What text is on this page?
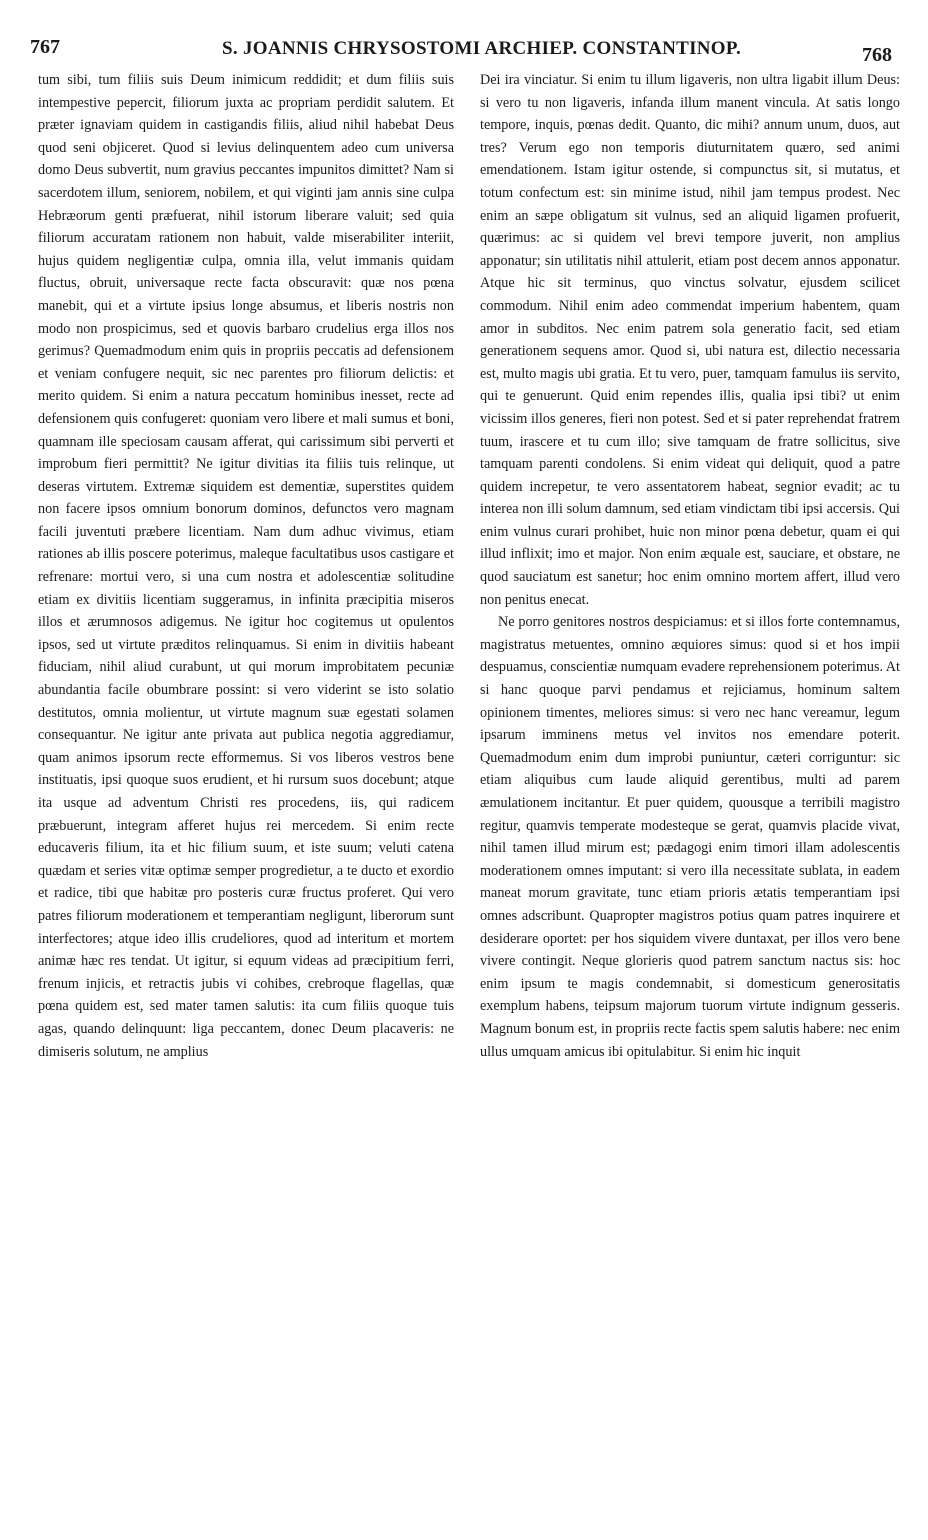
767	S. JOANNIS CHRYSOSTOMI ARCHIEP. CONSTANTINOP.	768

tum sibi, tum filiis suis Deum inimicum reddidit; et dum filiis suis intempestive pepercit, filiorum juxta ac propriam perdidit salutem. Et præter ignaviam quidem in castigandis filiis, aliud nihil habebat Deus quod seni objiceret. Quod si levius delinquentem adeo cum universa domo Deus subvertit, num gravius peccantes impunitos dimittet? Nam si sacerdotem illum, seniorem, nobilem, et qui viginti jam annis sine culpa Hebræorum genti præfuerat, nihil istorum liberare valuit; sed quia filiorum accuratam rationem non habuit, valde miserabiliter interiit, hujus quidem negligentiæ culpa, omnia illa, velut immanis quidam fluctus, obruit, universaque recte facta obscuravit: quæ nos pœna manebit, qui et a virtute ipsius longe absumus, et liberis nostris non modo non prospicimus, sed et quovis barbaro crudelius erga illos nos gerimus? Quemadmodum enim quis in propriis peccatis ad defensionem et veniam confugere nequit, sic nec parentes pro filiorum delictis: et merito quidem. Si enim a natura peccatum hominibus inesset, recte ad defensionem quis confugeret: quoniam vero libere et mali sumus et boni, quamnam ille speciosam causam afferat, qui carissimum sibi perverti et improbum fieri permittit? Ne igitur divitias ita filiis tuis relinque, ut deseras virtutem. Extremæ siquidem est dementiæ, superstites quidem non facere ipsos omnium bonorum dominos, defunctos vero magnam facili juventuti præbere licentiam. Nam dum adhuc vivimus, etiam rationes ab illis poscere poterimus, maleque facultatibus usos castigare et refrenare: mortui vero, si una cum nostra et adolescentiæ solitudine etiam ex divitiis licentiam suggeramus, in infinita præcipitia miseros illos et ærumnosos adigemus. Ne igitur hoc cogitemus ut opulentos ipsos, sed ut virtute præditos relinquamus. Si enim in divitiis habeant fiduciam, nihil aliud curabunt, ut qui morum improbitatem pecuniæ abundantia facile obumbrare possint: si vero viderint se isto solatio destitutos, omnia molientur, ut virtute magnum suæ egestati solamen consequantur. Ne igitur ante privata aut publica negotia aggrediamur, quam animos ipsorum recte efformemus. Si vos liberos vestros bene instituatis, ipsi quoque suos erudient, et hi rursum suos docebunt; atque ita usque ad adventum Christi res procedens, iis, qui radicem præbuerunt, integram afferet hujus rei mercedem. Si enim recte educaveris filium, ita et hic filium suum, et iste suum; veluti catena quædam et series vitæ optimæ semper progredietur, a te ducto et exordio et radice, tibi que habitæ pro posteris curæ fructus proferet. Qui vero patres filiorum moderationem et temperantiam negligunt, liberorum sunt interfectores; atque ideo illis crudeliores, quod ad interitum et mortem animæ hæc res tendat. Ut igitur, si equum videas ad præcipitium ferri, frenum injicis, et retractis jubis vi cohibes, crebroque flagellas, quæ pœna quidem est, sed mater tamen salutis: ita cum filiis quoque tuis agas, quando delinquunt: liga peccantem, donec Deum placaveris: ne dimiseris solutum, ne amplius

Dei ira vinciatur. Si enim tu illum ligaveris, non ultra ligabit illum Deus: si vero tu non ligaveris, infanda illum manent vincula. At satis longo tempore, inquis, pœnas dedit. Quanto, dic mihi? annum unum, duos, aut tres? Verum ego non temporis diuturnitatem quæro, sed animi emendationem. Istam igitur ostende, si compunctus sit, si mutatus, et totum confectum est: sin minime istud, nihil jam tempus prodest. Nec enim an sæpe obligatum sit vulnus, sed an aliquid ligamen profuerit, quærimus: ac si quidem vel brevi tempore juverit, non amplius apponatur; sin utilitatis nihil attulerit, etiam post decem annos apponatur. Atque hic sit terminus, quo vinctus solvatur, ejusdem scilicet commodum. Nihil enim adeo commendat imperium habentem, quam amor in subditos. Nec enim patrem sola generatio facit, sed etiam generationem sequens amor. Quod si, ubi natura est, dilectio necessaria est, multo magis ubi gratia. Et tu vero, puer, tamquam famulus iis servito, qui te genuerunt. Quid enim rependes illis, qualia ipsi tibi? ut enim vicissim illos generes, fieri non potest. Sed et si pater reprehendat fratrem tuum, irascere et tu cum illo; sive tamquam de fratre sollicitus, sive tamquam parenti condolens. Si enim videat qui deliquit, quod a patre quidem increpetur, te vero assentatorem habeat, segnior evadit; ac tu interea non illi solum damnum, sed etiam vindictam tibi ipsi accersis. Qui enim vulnus curari prohibet, huic non minor pœna debetur, quam ei qui illud inflixit; imo et major. Non enim æquale est, sauciare, et obstare, ne quod sauciatum est sanetur; hoc enim omnino mortem affert, illud vero non penitus enecat.

Ne porro genitores nostros despiciamus: et si illos forte contemnamus, magistratus metuentes, omnino æquiores simus: quod si et hos impii despuamus, conscientiæ numquam evadere reprehensionem poterimus. At si hanc quoque parvi pendamus et rejiciamus, hominum saltem opinionem timentes, meliores simus: si vero nec hanc vereamur, legum ipsarum imminens metus vel invitos nos emendare poterit. Quemadmodum enim dum improbi puniuntur, cæteri corriguntur: sic etiam aliquibus cum laude aliquid gerentibus, multi ad parem æmulationem incitantur. Et puer quidem, quousque a terribili magistro regitur, quamvis temperate modesteque se gerat, quamvis placide vivat, nihil tamen illud mirum est; pædagogi enim timori illam adolescentis moderationem omnes imputant: si vero illa necessitate sublata, in eadem maneat morum gravitate, tunc etiam prioris ætatis temperantiam ipsi omnes adscribunt. Quapropter magistros potius quam patres inquirere et desiderare oportet: per hos siquidem vivere duntaxat, per illos vero bene vivere contingit. Neque glorieris quod patrem sanctum nactus sis: hoc enim ipsum te magis condemnabit, si domesticum generositatis exemplum habens, teipsum majorum tuorum virtute indignum gesseris. Magnum bonum est, in propriis recte factis spem salutis habere: nec enim ullus umquam amicus ibi opitulabitur. Si enim hic inquit
